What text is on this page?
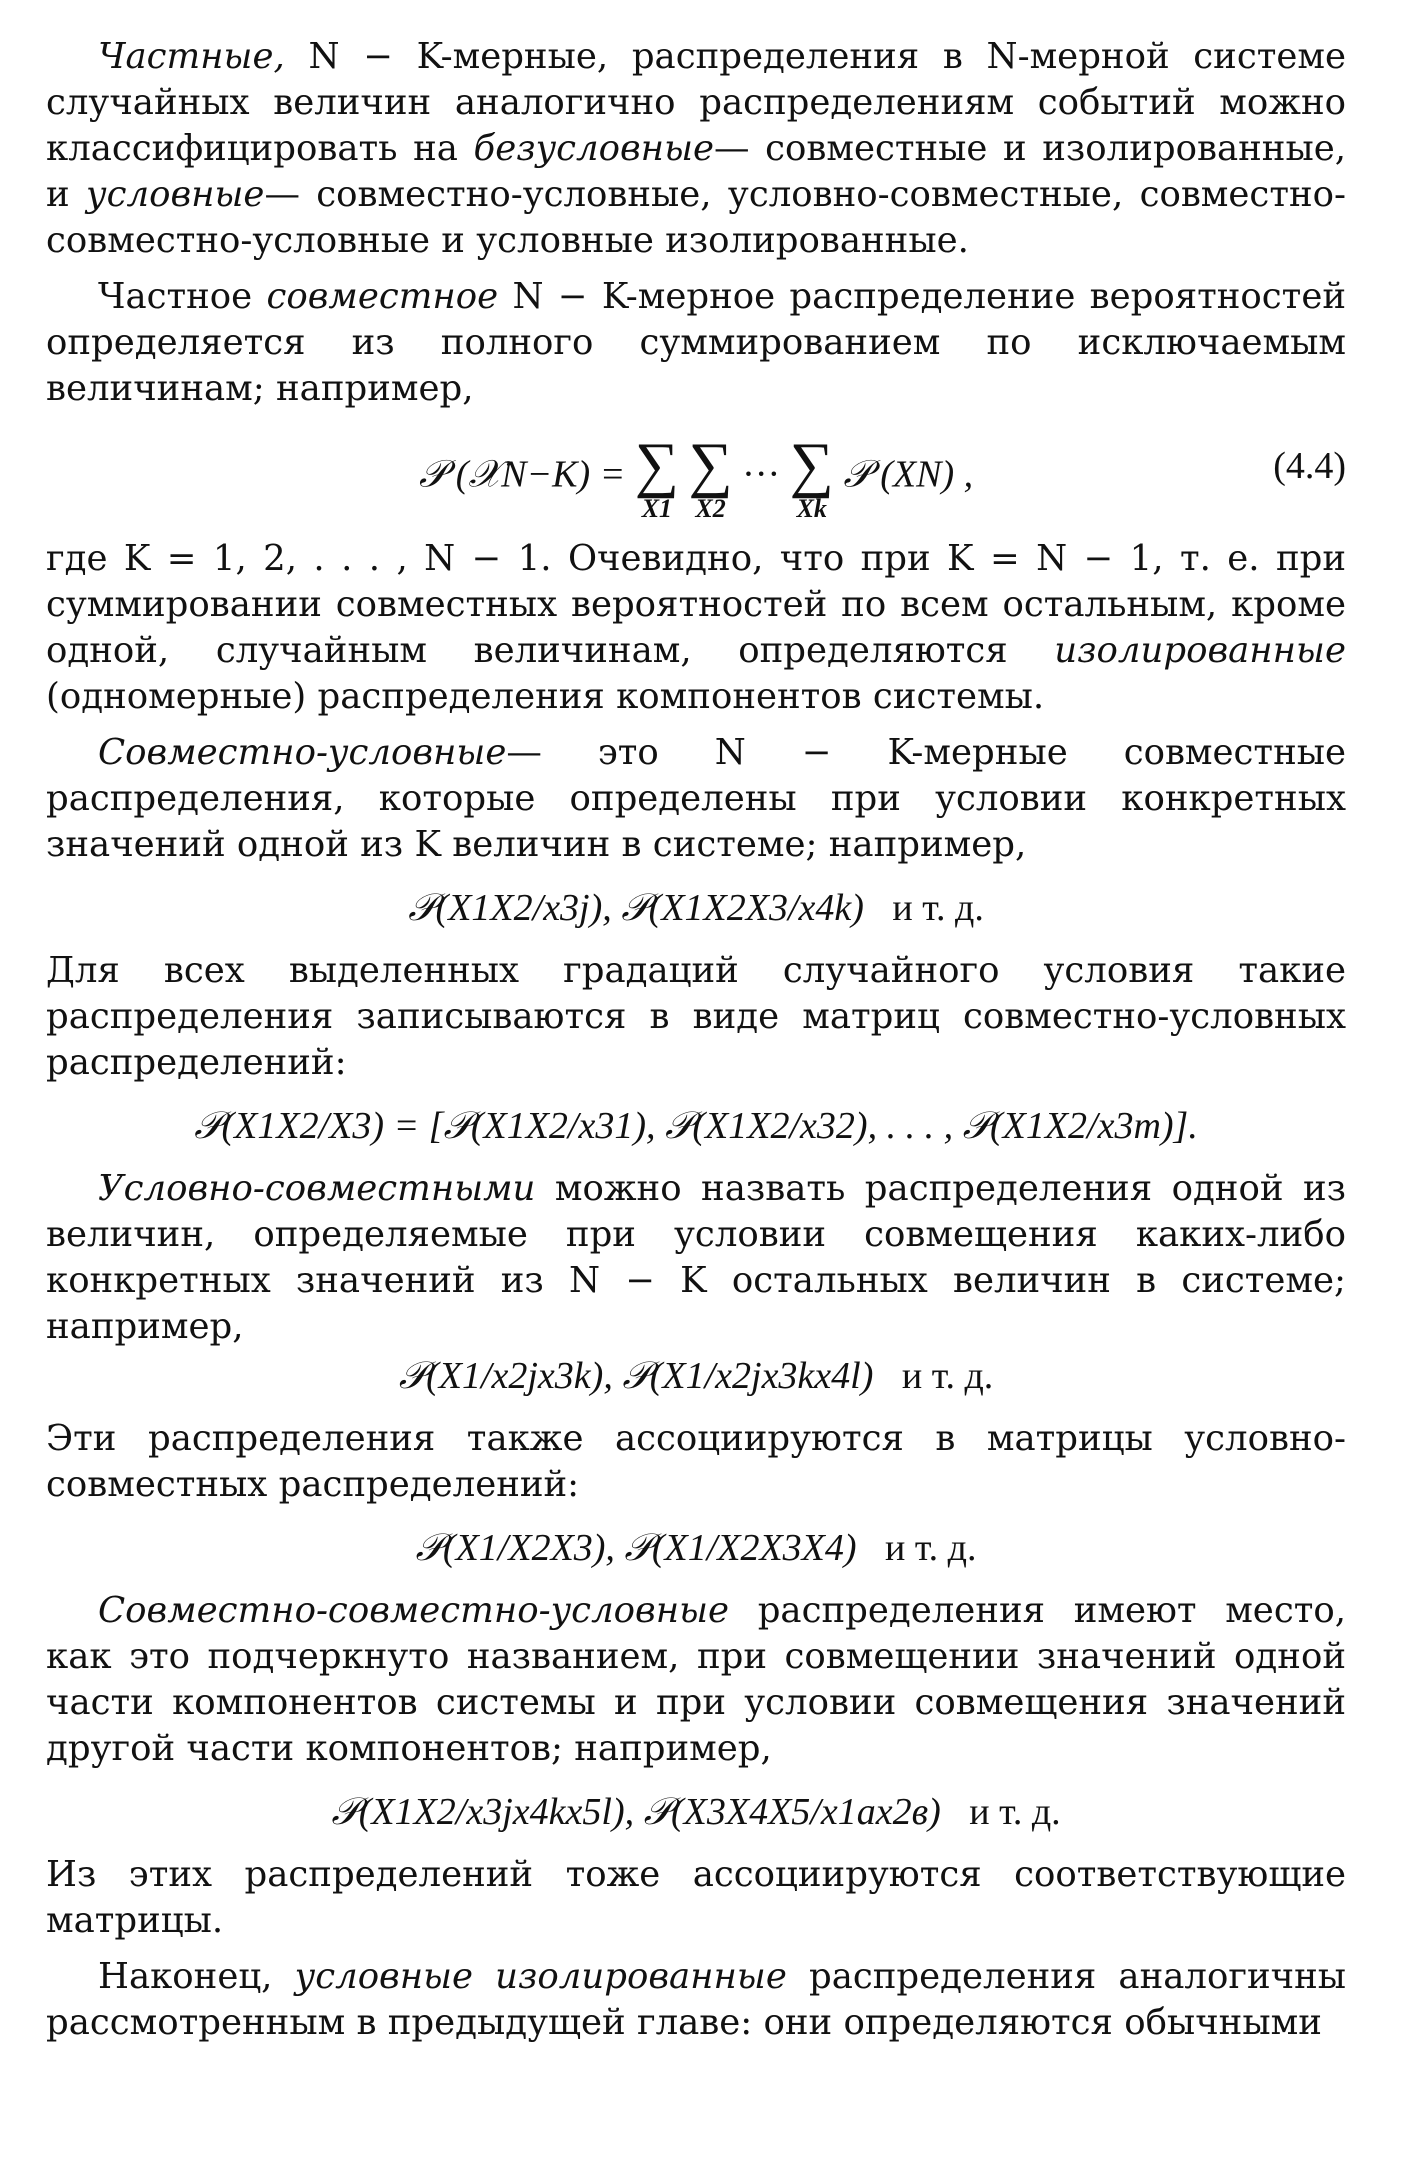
Частные, N − K-мерные, распределения в N-мерной системе случайных величин аналогично распределениям событий можно классифицировать на безусловные— совместные и изолированные, и условные— совместно-условные, условно-совместные, совместно-совместно-условные и условные изолированные.

Частное совместное N − K-мерное распределение вероятностей определяется из полного суммированием по исключаемым величинам; например,

𝒫 (𝒳N−K) = ∑
X1

∑
X2
··· ∑
Xk
𝒫 (XN) ,	(4.4)

где K = 1, 2, . . . , N − 1. Очевидно, что при K = N − 1, т. е. при суммировании совместных вероятностей по всем остальным, кроме одной, случайным величинам, определяются изолированные (одномерные) распределения компонентов системы.

Совместно-условные— это N − K-мерные совместные распределения, которые определены при условии конкретных значений одной из K величин в системе; например,

𝒫(X1X2/x3j), 𝒫(X1X2X3/x4k) и т. д.

Для всех выделенных градаций случайного условия такие распределения записываются в виде матриц совместно-условных распределений:

𝒫(X1X2/X3) = [𝒫(X1X2/x31), 𝒫(X1X2/x32), . . . , 𝒫(X1X2/x3m)].

Условно-совместными можно назвать распределения одной из величин, определяемые при условии совмещения каких-либо конкретных значений из N − K остальных величин в системе; например,

𝒫(X1/x2jx3k), 𝒫(X1/x2jx3kx4l) и т. д.

Эти распределения также ассоциируются в матрицы условно-совместных распределений:

𝒫(X1/X2X3), 𝒫(X1/X2X3X4) и т. д.

Совместно-совместно-условные распределения имеют место, как это подчеркнуто названием, при совмещении значений одной части компонентов системы и при условии совмещения значений другой части компонентов; например,

𝒫(X1X2/x3jx4kx5l), 𝒫(X3X4X5/x1ax2в) и т. д.

Из этих распределений тоже ассоциируются соответствующие матрицы.

Наконец, условные изолированные распределения аналогичны рассмотренным в предыдущей главе: они определяются обычными
